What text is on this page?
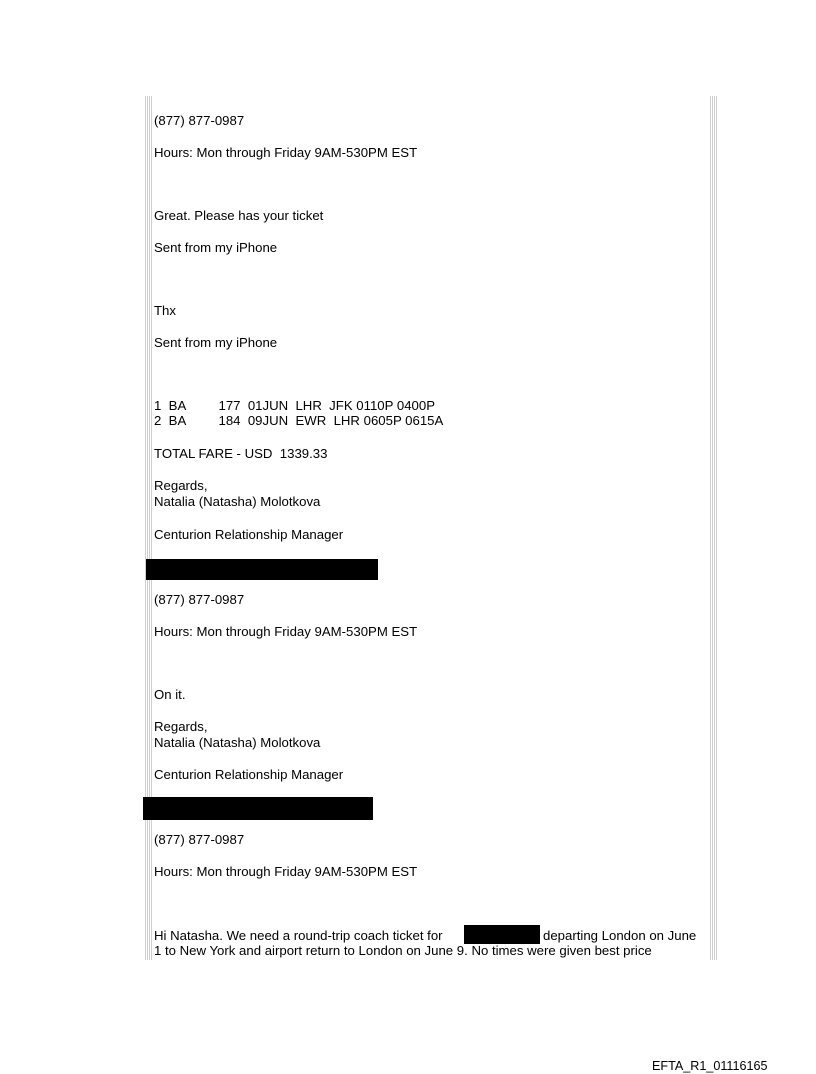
(877) 877-0987
Hours: Mon through Friday 9AM-530PM EST
Great. Please has your ticket
Sent from my iPhone
Thx
Sent from my iPhone
1  BA         177  01JUN  LHR  JFK 0110P 0400P
2  BA         184  09JUN  EWR  LHR 0605P 0615A
TOTAL FARE - USD  1339.33
Regards,
Natalia (Natasha) Molotkova
Centurion Relationship Manager
(877) 877-0987
Hours: Mon through Friday 9AM-530PM EST
On it.
Regards,
Natalia (Natasha) Molotkova
Centurion Relationship Manager
(877) 877-0987
Hours: Mon through Friday 9AM-530PM EST
Hi Natasha. We need a round-trip coach ticket for	departing London on June
1 to New York and airport return to London on June 9. No times were given best price
EFTA_R1_01116165
